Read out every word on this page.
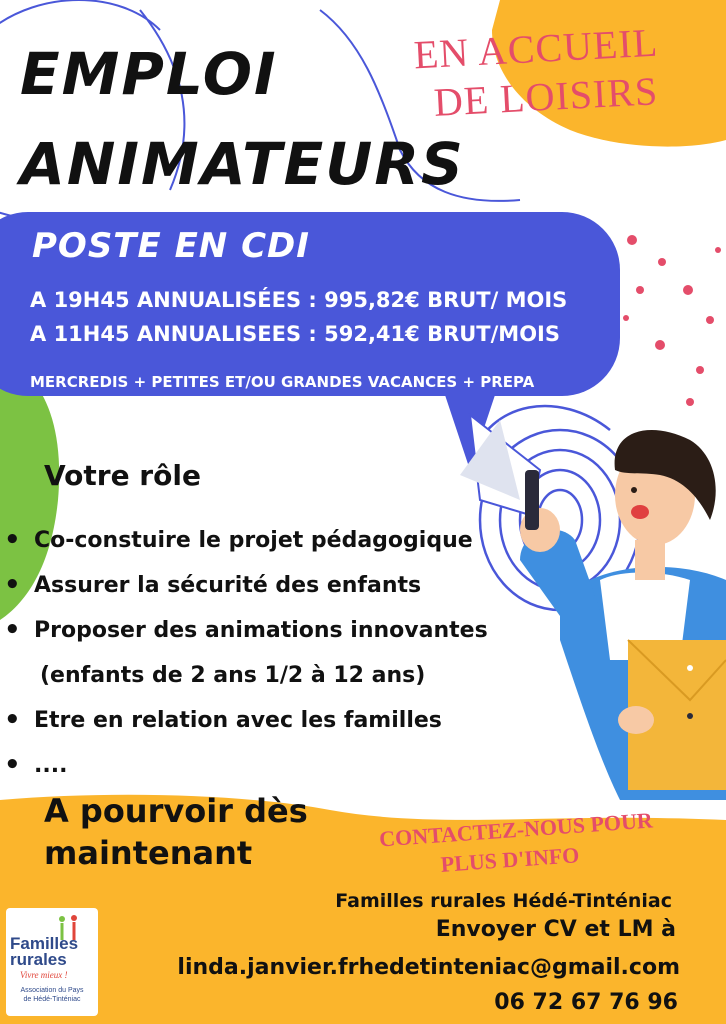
EMPLOI
ANIMATEURS
EN ACCUEIL
DE LOISIRS
POSTE EN CDI
A 19H45 ANNUALISÉES : 995,82€ BRUT/ MOIS
A 11H45 ANNUALISEES : 592,41€ BRUT/MOIS
MERCREDIS + PETITES ET/OU GRANDES VACANCES + PREPA
Votre rôle
• Co-constuire le projet pédagogique
• Assurer la sécurité des enfants
• Proposer des animations innovantes
(enfants de 2 ans 1/2 à 12 ans)
• Etre en relation avec les familles
• ....
A pourvoir dès
maintenant
CONTACTEZ-NOUS POUR
PLUS D'INFO
Familles rurales Hédé-Tinténiac
Envoyer CV et LM à
linda.janvier.frhedetinteniac@gmail.com
06 72 67 76 96
Familles
rurales
Vivre mieux !
Association du Pays
de Hédé-Tinténiac
